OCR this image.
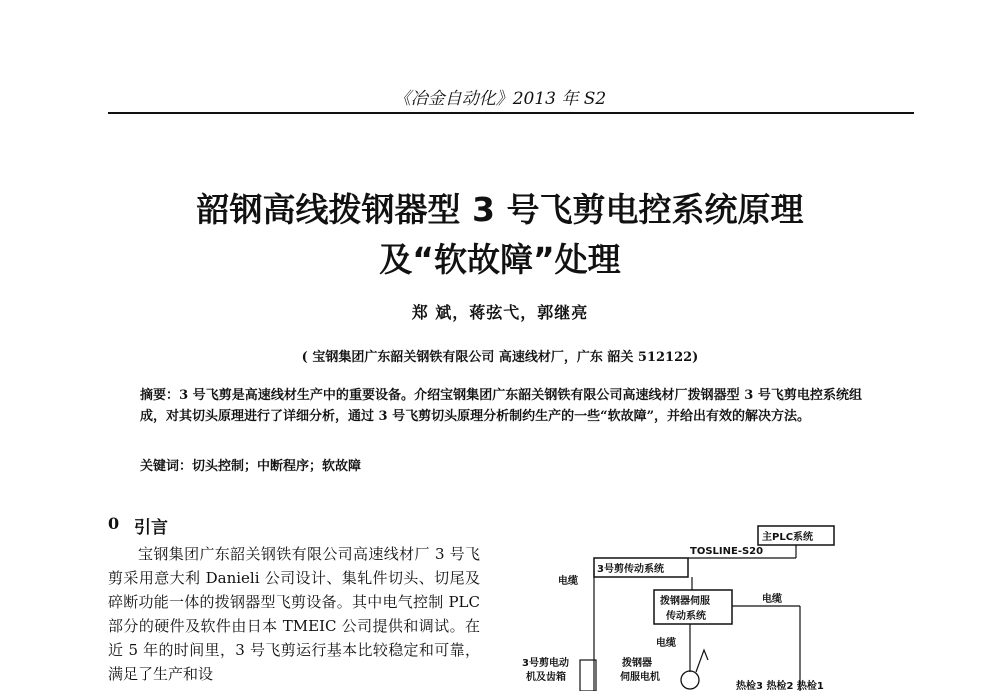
《冶金自动化》2013 年 S2
韶钢高线拨钢器型 3 号飞剪电控系统原理
及“软故障”处理
郑 斌，蒋弦弋，郭继亮
( 宝钢集团广东韶关钢铁有限公司 高速线材厂，广东 韶关 512122)
摘要：3 号飞剪是高速线材生产中的重要设备。介绍宝钢集团广东韶关钢铁有限公司高速线材厂拨钢器型 3 号飞剪电控系统组成，对其切头原理进行了详细分析，通过 3 号飞剪切头原理分析制约生产的一些“软故障”，并给出有效的解决方法。
关键词：切头控制；中断程序；软故障
0 引言
宝钢集团广东韶关钢铁有限公司高速线材厂 3 号飞剪采用意大利 Danieli 公司设计、集轧件切头、切尾及碎断功能一体的拨钢器型飞剪设备。其中电气控制 PLC 部分的硬件及软件由日本 TMEIC 公司提供和调试。在近 5 年的时间里，3 号飞剪运行基本比较稳定和可靠，满足了生产和设
主PLC系统
TOSLINE-S20
3号剪传动系统
电缆
拨钢器伺服
传动系统
电缆
电缆
3号剪电动
机及齿箱
拨钢器
伺服电机
热检3 热检2 热检1
